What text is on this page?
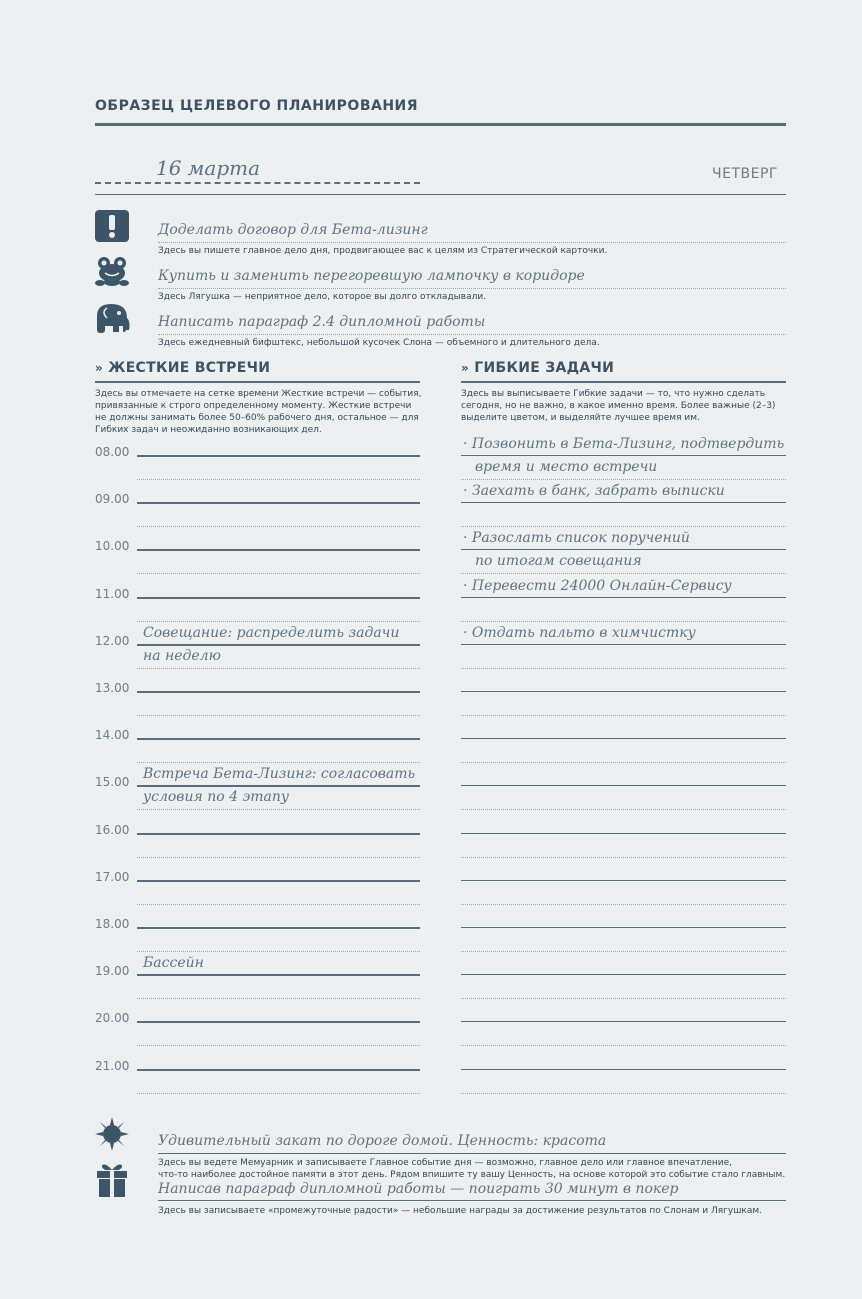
ОБРАЗЕЦ ЦЕЛЕВОГО ПЛАНИРОВАНИЯ
16 марта	ЧЕТВЕРГ
» ЖЕСТКИЕ ВСТРЕЧИ	» ГИБКИЕ ЗАДАЧИ
Здесь вы отмечаете на сетке времени Жесткие встречи — события,
привязанные к строго определенному моменту. Жесткие встречи
не должны занимать более 50–60% рабочего дня, остальное — для
Гибких задач и неожиданно возникающих дел.
Здесь вы выписываете Гибкие задачи — то, что нужно сделать
сегодня, но не важно, в какое именно время. Более важные (2–3)
выделите цветом, и выделяйте лучшее время им.
Удивительный закат по дороге домой. Ценность: красота
Здесь вы ведете Мемуарник и записываете Главное событие дня — возможно, главное дело или главное впечатление,
что-то наиболее достойное памяти в этот день. Рядом впишите ту вашу Ценность, на основе которой это событие стало главным.
Написав параграф дипломной работы — поиграть 30 минут в покер
Здесь вы записываете «промежуточные радости» — небольшие награды за достижение результатов по Слонам и Лягушкам.
Доделать договор для Бета-лизинг
Здесь вы пишете главное дело дня, продвигающее вас к целям из Стратегической карточки.
Купить и заменить перегоревшую лампочку в коридоре
Здесь Лягушка — неприятное дело, которое вы долго откладывали.
Написать параграф 2.4 дипломной работы
Здесь ежедневный бифштекс, небольшой кусочек Слона — объемного и длительного дела.
08.00
09.00
10.00
11.00
12.00 Совещание: распределить задачи
на неделю
13.00
14.00
15.00 Встреча Бета-Лизинг: согласовать
условия по 4 этапу
16.00
17.00
18.00
19.00 Бассейн
20.00
21.00
· Позвонить в Бета-Лизинг, подтвердить
время и место встречи
· Заехать в банк, забрать выписки
· Разослать список поручений
по итогам совещания
· Перевести 24000 Онлайн-Сервису
· Отдать пальто в химчистку
